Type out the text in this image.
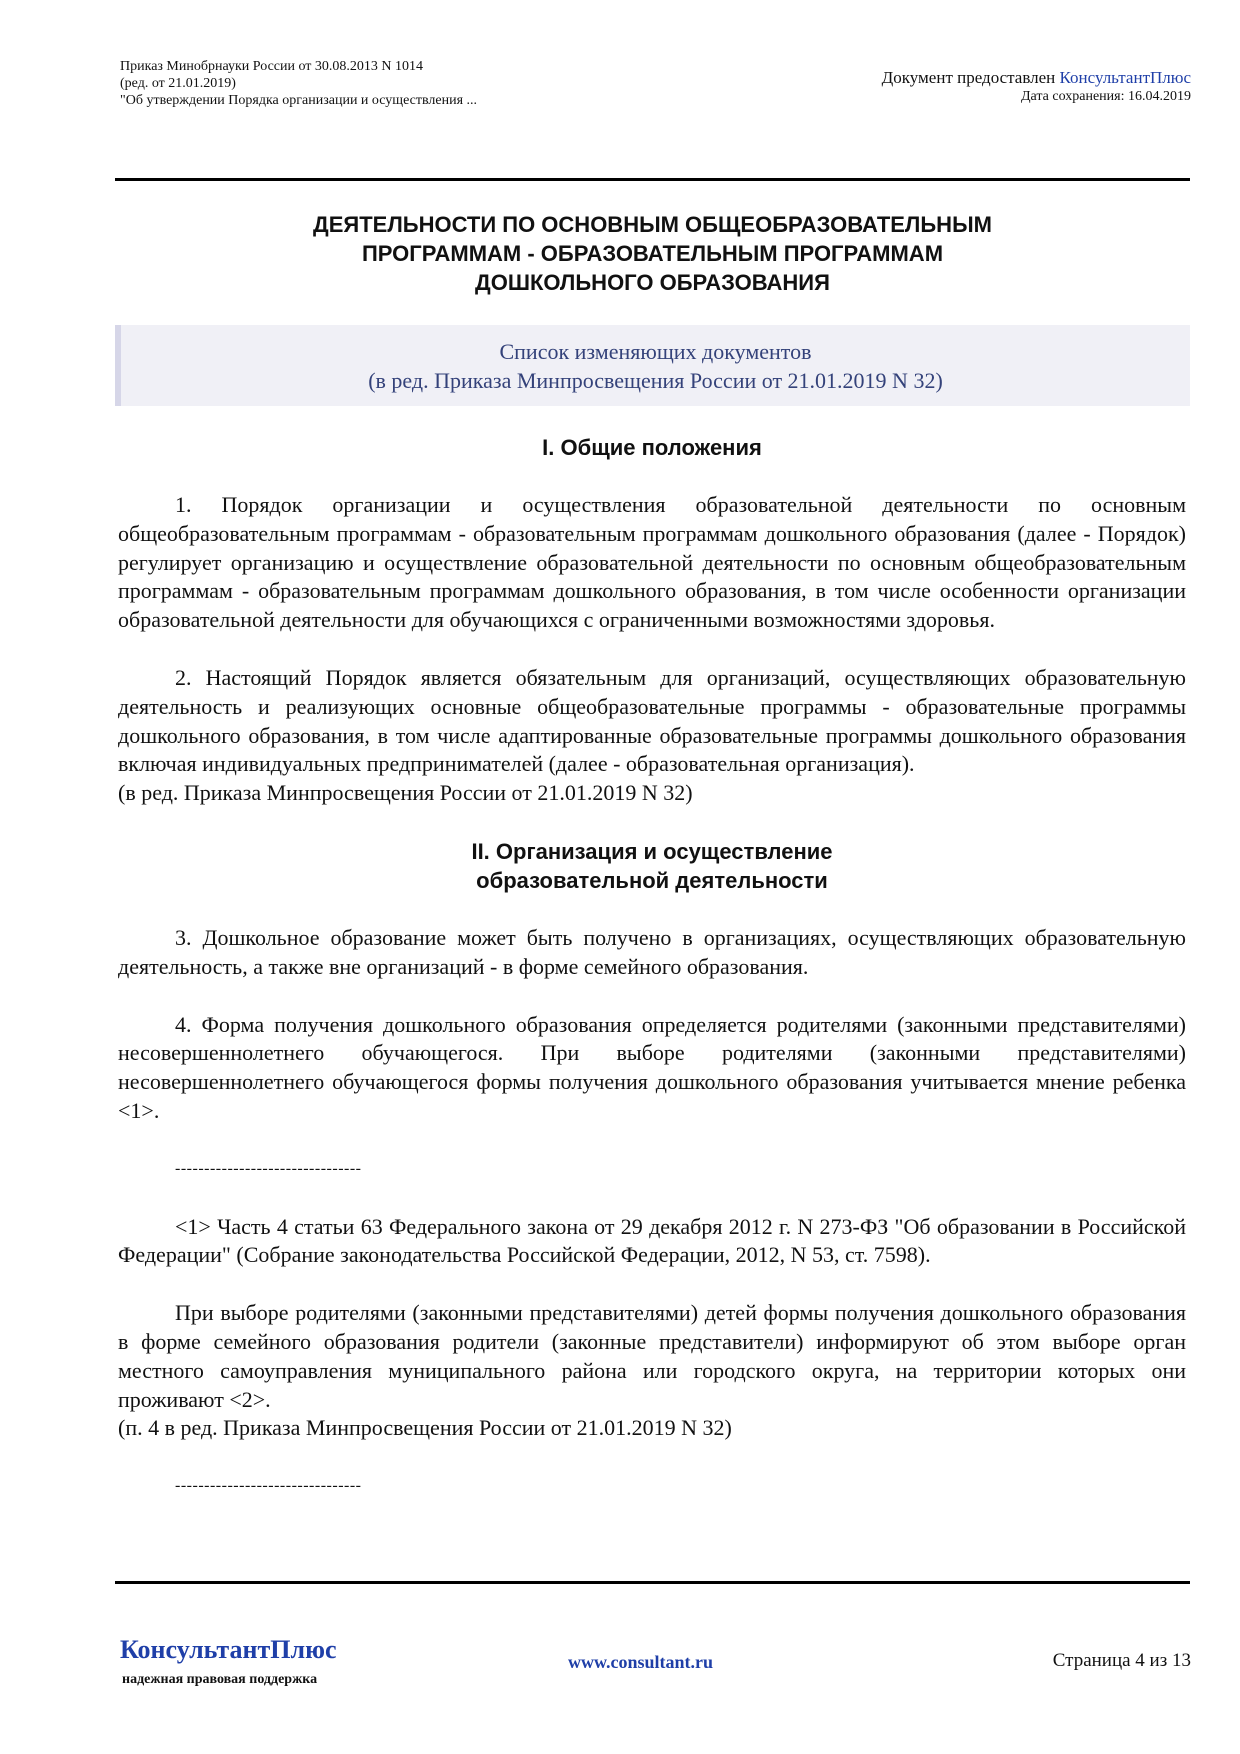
Приказ Минобрнауки России от 30.08.2013 N 1014
(ред. от 21.01.2019)
"Об утверждении Порядка организации и осуществления ...
Документ предоставлен КонсультантПлюс
Дата сохранения: 16.04.2019
ДЕЯТЕЛЬНОСТИ ПО ОСНОВНЫМ ОБЩЕОБРАЗОВАТЕЛЬНЫМ
ПРОГРАММАМ - ОБРАЗОВАТЕЛЬНЫМ ПРОГРАММАМ
ДОШКОЛЬНОГО ОБРАЗОВАНИЯ
Список изменяющих документов
(в ред. Приказа Минпросвещения России от 21.01.2019 N 32)
I. Общие положения

1. Порядок организации и осуществления образовательной деятельности по основным общеобразовательным программам - образовательным программам дошкольного образования (далее - Порядок) регулирует организацию и осуществление образовательной деятельности по основным общеобразовательным программам - образовательным программам дошкольного образования, в том числе особенности организации образовательной деятельности для обучающихся с ограниченными возможностями здоровья.

2. Настоящий Порядок является обязательным для организаций, осуществляющих образовательную деятельность и реализующих основные общеобразовательные программы - образовательные программы дошкольного образования, в том числе адаптированные образовательные программы дошкольного образования включая индивидуальных предпринимателей (далее - образовательная организация).

(в ред. Приказа Минпросвещения России от 21.01.2019 N 32)

II. Организация и осуществление
образовательной деятельности

3. Дошкольное образование может быть получено в организациях, осуществляющих образовательную деятельность, а также вне организаций - в форме семейного образования.

4. Форма получения дошкольного образования определяется родителями (законными представителями) несовершеннолетнего обучающегося. При выборе родителями (законными представителями) несовершеннолетнего обучающегося формы получения дошкольного образования учитывается мнение ребенка <1>.

--------------------------------

<1> Часть 4 статьи 63 Федерального закона от 29 декабря 2012 г. N 273-ФЗ "Об образовании в Российской Федерации" (Собрание законодательства Российской Федерации, 2012, N 53, ст. 7598).

При выборе родителями (законными представителями) детей формы получения дошкольного образования в форме семейного образования родители (законные представители) информируют об этом выборе орган местного самоуправления муниципального района или городского округа, на территории которых они проживают <2>.

(п. 4 в ред. Приказа Минпросвещения России от 21.01.2019 N 32)

--------------------------------

КонсультантПлюс
надежная правовая поддержка
www.consultant.ru	Страница 4 из 13
